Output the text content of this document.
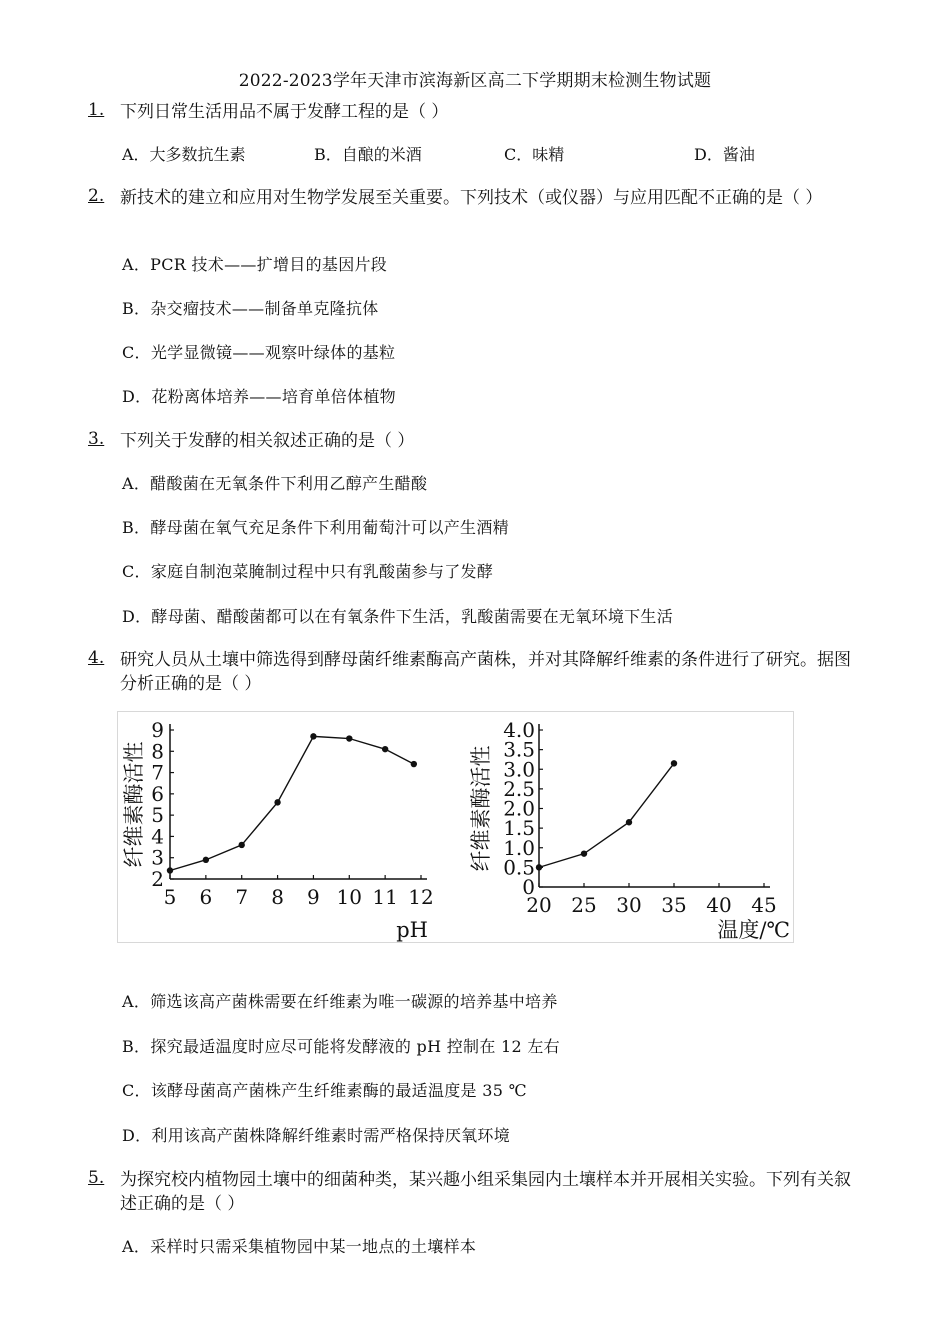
2022-2023学年天津市滨海新区高二下学期期末检测生物试题
1. 下列日常生活用品不属于发酵工程的是（ ）
A．大多数抗生素	B．自酿的米酒	C．味精	D．酱油
2. 新技术的建立和应用对生物学发展至关重要。下列技术（或仪器）与应用匹配不正确的是（ ）
A．PCR 技术——扩增目的基因片段
B．杂交瘤技术——制备单克隆抗体
C．光学显微镜——观察叶绿体的基粒
D．花粉离体培养——培育单倍体植物
3. 下列关于发酵的相关叙述正确的是（ ）
A．醋酸菌在无氧条件下利用乙醇产生醋酸
B．酵母菌在氧气充足条件下利用葡萄汁可以产生酒精
C．家庭自制泡菜腌制过程中只有乳酸菌参与了发酵
D．酵母菌、醋酸菌都可以在有氧条件下生活，乳酸菌需要在无氧环境下生活
4. 研究人员从土壤中筛选得到酵母菌纤维素酶高产菌株，并对其降解纤维素的条件进行了研究。据图分析正确的是（ ）
2
3
4
5
6
7
8
9
5 6 7 8 9 10 11 12
纤维素酶活性
pH
0
0.5
1.0
1.5
2.0
2.5
3.0
3.5
4.0
20 25 30 35 40 45
纤维素酶活性
温度/℃
A．筛选该高产菌株需要在纤维素为唯一碳源的培养基中培养
B．探究最适温度时应尽可能将发酵液的 pH 控制在 12 左右
C．该酵母菌高产菌株产生纤维素酶的最适温度是 35 ℃
D．利用该高产菌株降解纤维素时需严格保持厌氧环境
5. 为探究校内植物园土壤中的细菌种类，某兴趣小组采集园内土壤样本并开展相关实验。下列有关叙述正确的是（ ）
A．采样时只需采集植物园中某一地点的土壤样本
